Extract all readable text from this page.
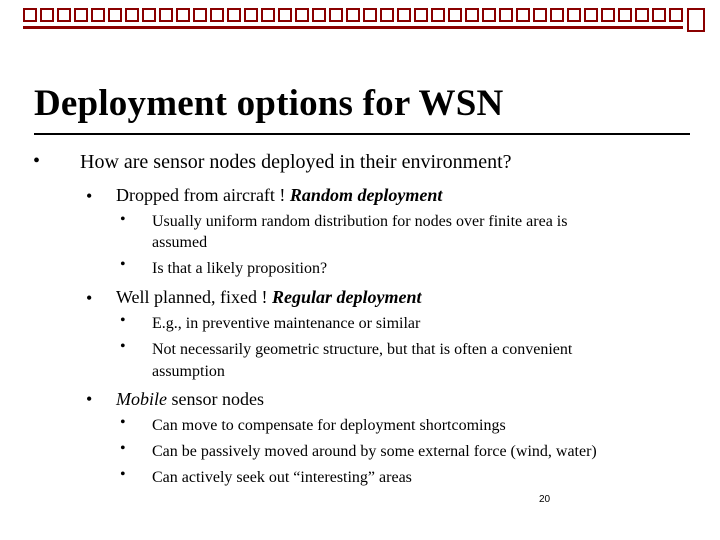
Deployment options for WSN
• How are sensor nodes deployed in their environment?
• Dropped from aircraft ! Random deployment
• Usually uniform random distribution for nodes over finite area is
assumed
• Is that a likely proposition?
• Well planned, fixed ! Regular deployment
• E.g., in preventive maintenance or similar
• Not necessarily geometric structure, but that is often a convenient
assumption
• Mobile sensor nodes
• Can move to compensate for deployment shortcomings
• Can be passively moved around by some external force (wind, water)
• Can actively seek out “interesting” areas
20
